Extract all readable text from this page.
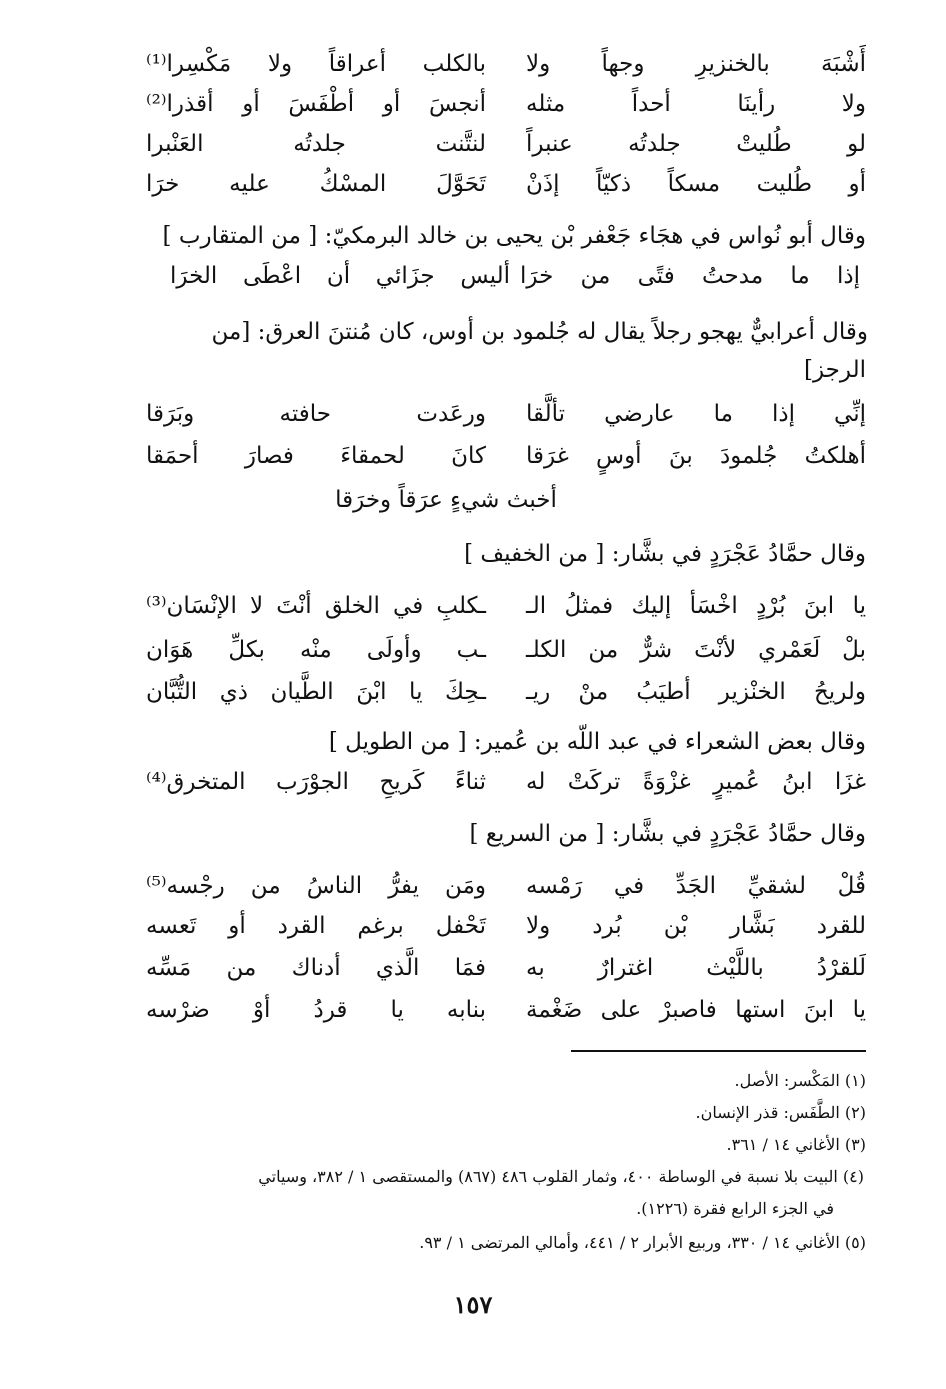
أَشْبَهَ بالخنزيرِ وجهاً ولا
بالكلب أعراقاً ولا مَكْسِرا⁽¹⁾
ولا رأينَا أحداً مثله
أنجسَ أو أطْفَسَ أو أقذرا⁽²⁾
لو طُليتْ جلدتُه عنبراً
لنتَّنت جلدتُه العَنْبرا
أو طُليت مسكاً ذكيّاً إذَنْ
تَحَوَّلَ المسْكُ عليه خرَا
وقال أبو نُواس في هجَاء جَعْفر بْن يحيى بن خالد البرمكيّ: [ من المتقارب ]
إذا ما مدحتُ فتًى من خرَا
أليس جزَائي أن اعْطَى الخرَا
وقال أعرابيٌّ يهجو رجلاً يقال له جُلمود بن أوس، كان مُنتنَ العرق: [من
الرجز]
إنِّي إذا ما عارضي تألَّقا
ورعَدت حافته وبَرَقا
أهلكتُ جُلمودَ بنَ أوسٍ غرَقا
كانَ لحمقاءَ فصارَ أحمَقا
أخبث شيءٍ عرَقاً وخرَقا
وقال حمَّادُ عَجْرَدٍ في بشَّار: [ من الخفيف ]
يا ابنَ بُرْدٍ اخْسَأ إليك فمثلُ الـ
ـكلبِ في الخلق أنْتَ لا الإنْسَان⁽³⁾
بلْ لَعَمْري لأنْتَ شرٌّ من الكلـ
ـب وأولَى منْه بكلِّ هَوَان
ولريحُ الخنْزير أطيَبُ منْ ريـ
ـحِكَ يا ابْنَ الطَّيان ذي التُّبَّان
وقال بعض الشعراء في عبد اللّه بن عُمير: [ من الطويل ]
غزَا ابنُ عُميرٍ غزْوَةً تركَتْ له
ثناءً كَريحِ الجوْرَب المتخرق⁽⁴⁾
وقال حمَّادُ عَجْرَدٍ في بشَّار: [ من السريع ]
قُلْ لشقيِّ الجَدِّ في رَمْسه
ومَن يفرُّ الناسُ من رجْسه⁽⁵⁾
للقرد بَشَّار بْن بُرد ولا
تَحْفل برغم القرد أو تَعسه
لَلقرْدُ باللَّيْث اغترارٌ به
فمَا الَّذي أدناك من مَسِّه
يا ابنَ استها فاصبرْ على ضَغْمة
بنابه يا قردُ أوْ ضرْسه
(١) المَكْسر: الأصل.
(٢) الطَّفَس: قذر الإنسان.
(٣) الأغاني ١٤ / ٣٦١.
(٤) البيت بلا نسبة في الوساطة ٤٠٠، وثمار القلوب ٤٨٦ (٨٦٧) والمستقصى ١ / ٣٨٢، وسياتي
في الجزء الرابع فقرة (١٢٢٦).
(٥) الأغاني ١٤ / ٣٣٠، وربيع الأبرار ٢ / ٤٤١، وأمالي المرتضى ١ / ٩٣.
١٥٧
